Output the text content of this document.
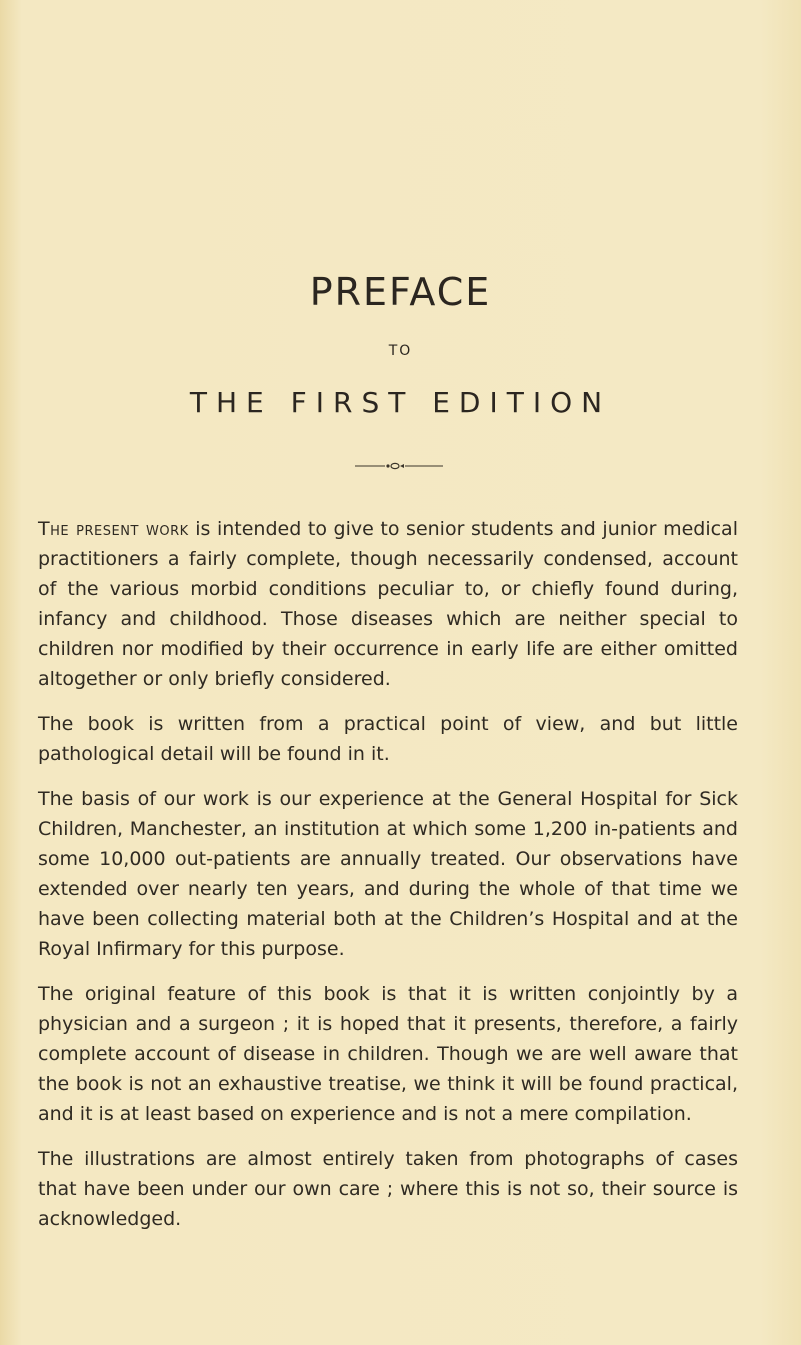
PREFACE
TO
THE FIRST EDITION

The present work is intended to give to senior students and junior medical practitioners a fairly complete, though necessarily condensed, account of the various morbid conditions peculiar to, or chiefly found during, infancy and childhood. Those diseases which are neither special to children nor modified by their occurrence in early life are either omitted altogether or only briefly considered.

The book is written from a practical point of view, and but little pathological detail will be found in it.

The basis of our work is our experience at the General Hospital for Sick Children, Manchester, an institution at which some 1,200 in-patients and some 10,000 out-patients are annually treated. Our observations have extended over nearly ten years, and during the whole of that time we have been collecting material both at the Children’s Hospital and at the Royal Infirmary for this purpose.

The original feature of this book is that it is written conjointly by a physician and a surgeon ; it is hoped that it presents, therefore, a fairly complete account of disease in children. Though we are well aware that the book is not an exhaustive treatise, we think it will be found practical, and it is at least based on experience and is not a mere compilation.

The illustrations are almost entirely taken from photographs of cases that have been under our own care ; where this is not so, their source is acknowledged.
